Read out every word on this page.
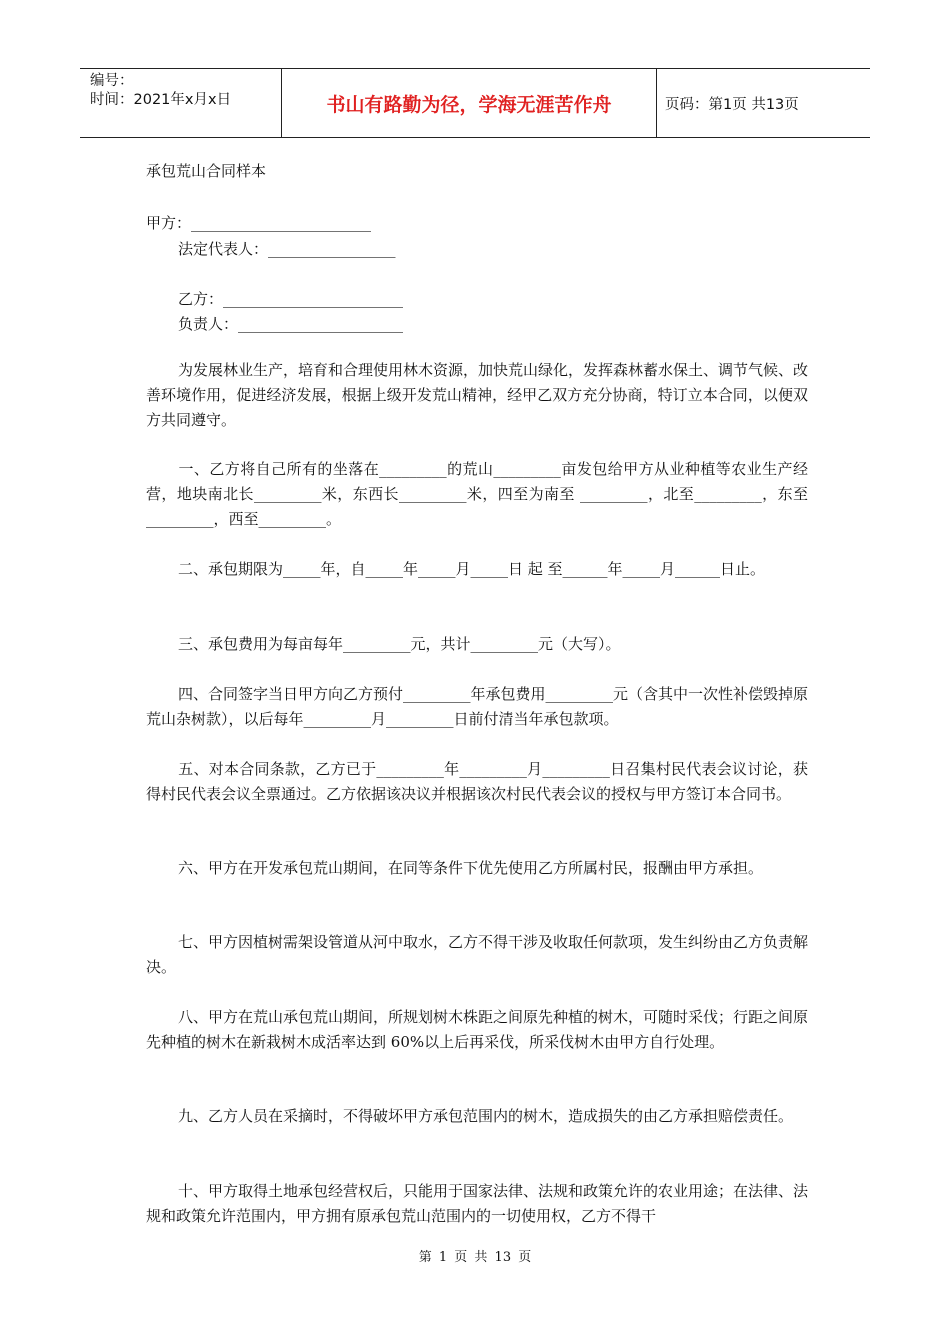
编号：
时间：2021年x月x日	书山有路勤为径，学海无涯苦作舟	页码：第1页 共13页
承包荒山合同样本
甲方：________________________
法定代表人：_________________
乙方：________________________
负责人：______________________
为发展林业生产，培育和合理使用林木资源，加快荒山绿化，发挥森林蓄水保土、调节气候、改善环境作用，促进经济发展，根据上级开发荒山精神，经甲乙双方充分协商，特订立本合同，以便双方共同遵守。
一、乙方将自己所有的坐落在_________的荒山_________亩发包给甲方从业种植等农业生产经营，地块南北长_________米，东西长_________米，四至为南至 _________，北至_________，东至_________，西至_________。
二、承包期限为_____年，自_____年_____月_____日 起 至______年_____月______日止。
三、承包费用为每亩每年_________元，共计_________元（大写）。
四、合同签字当日甲方向乙方预付_________年承包费用_________元（含其中一次性补偿毁掉原荒山杂树款），以后每年_________月_________日前付清当年承包款项。
五、对本合同条款，乙方已于_________年_________月_________日召集村民代表会议讨论，获得村民代表会议全票通过。乙方依据该决议并根据该次村民代表会议的授权与甲方签订本合同书。
六、甲方在开发承包荒山期间，在同等条件下优先使用乙方所属村民，报酬由甲方承担。
七、甲方因植树需架设管道从河中取水，乙方不得干涉及收取任何款项，发生纠纷由乙方负责解决。
八、甲方在荒山承包荒山期间，所规划树木株距之间原先种植的树木，可随时采伐；行距之间原先种植的树木在新栽树木成活率达到 60%以上后再采伐，所采伐树木由甲方自行处理。
九、乙方人员在采摘时，不得破坏甲方承包范围内的树木，造成损失的由乙方承担赔偿责任。
十、甲方取得土地承包经营权后，只能用于国家法律、法规和政策允许的农业用途；在法律、法规和政策允许范围内，甲方拥有原承包荒山范围内的一切使用权，乙方不得干
第 1 页 共 13 页
